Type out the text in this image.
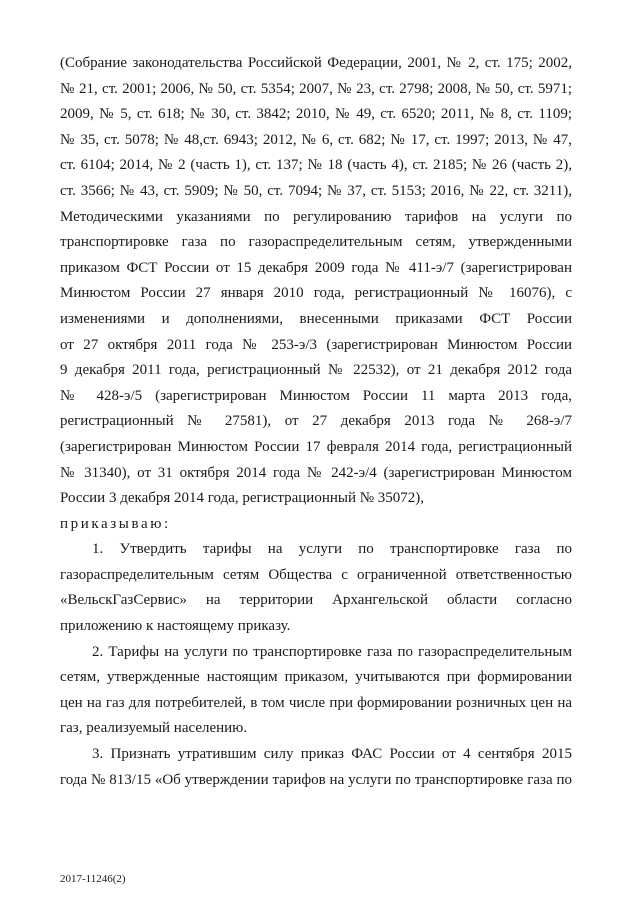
(Собрание законодательства Российской Федерации, 2001, № 2, ст. 175; 2002,
№ 21, ст. 2001; 2006, № 50, ст. 5354; 2007, № 23, ст. 2798; 2008, № 50, ст. 5971;
2009, № 5, ст. 618; № 30, ст. 3842; 2010, № 49, ст. 6520; 2011, № 8, ст. 1109;
№ 35, ст. 5078; № 48,ст. 6943; 2012, № 6, ст. 682; № 17, ст. 1997; 2013, № 47,
ст. 6104; 2014, № 2 (часть 1), ст. 137; № 18 (часть 4), ст. 2185; № 26 (часть 2),
ст. 3566; № 43, ст. 5909; № 50, ст. 7094; № 37, ст. 5153; 2016, № 22, ст. 3211),
Методическими указаниями по регулированию тарифов на услуги по
транспортировке газа по газораспределительным сетям, утвержденными
приказом ФСТ России от 15 декабря 2009 года № 411-э/7 (зарегистрирован
Минюстом России 27 января 2010 года, регистрационный № 16076), с
изменениями и дополнениями, внесенными приказами ФСТ России
от 27 октября 2011 года № 253-э/3 (зарегистрирован Минюстом России
9 декабря 2011 года, регистрационный № 22532), от 21 декабря 2012 года
№ 428-э/5 (зарегистрирован Минюстом России 11 марта 2013 года,
регистрационный № 27581), от 27 декабря 2013 года № 268-э/7
(зарегистрирован Минюстом России 17 февраля 2014 года, регистрационный
№ 31340), от 31 октября 2014 года № 242-э/4 (зарегистрирован Минюстом
России 3 декабря 2014 года, регистрационный № 35072),
приказываю:
1. Утвердить тарифы на услуги по транспортировке газа по
газораспределительным сетям Общества с ограниченной ответственностью
«ВельскГазСервис» на территории Архангельской области согласно
приложению к настоящему приказу.
2. Тарифы на услуги по транспортировке газа по газораспределительным
сетям, утвержденные настоящим приказом, учитываются при формировании
цен на газ для потребителей, в том числе при формировании розничных цен на
газ, реализуемый населению.
3. Признать утратившим силу приказ ФАС России от 4 сентября 2015
года № 813/15 «Об утверждении тарифов на услуги по транспортировке газа по
2017-11246(2)
